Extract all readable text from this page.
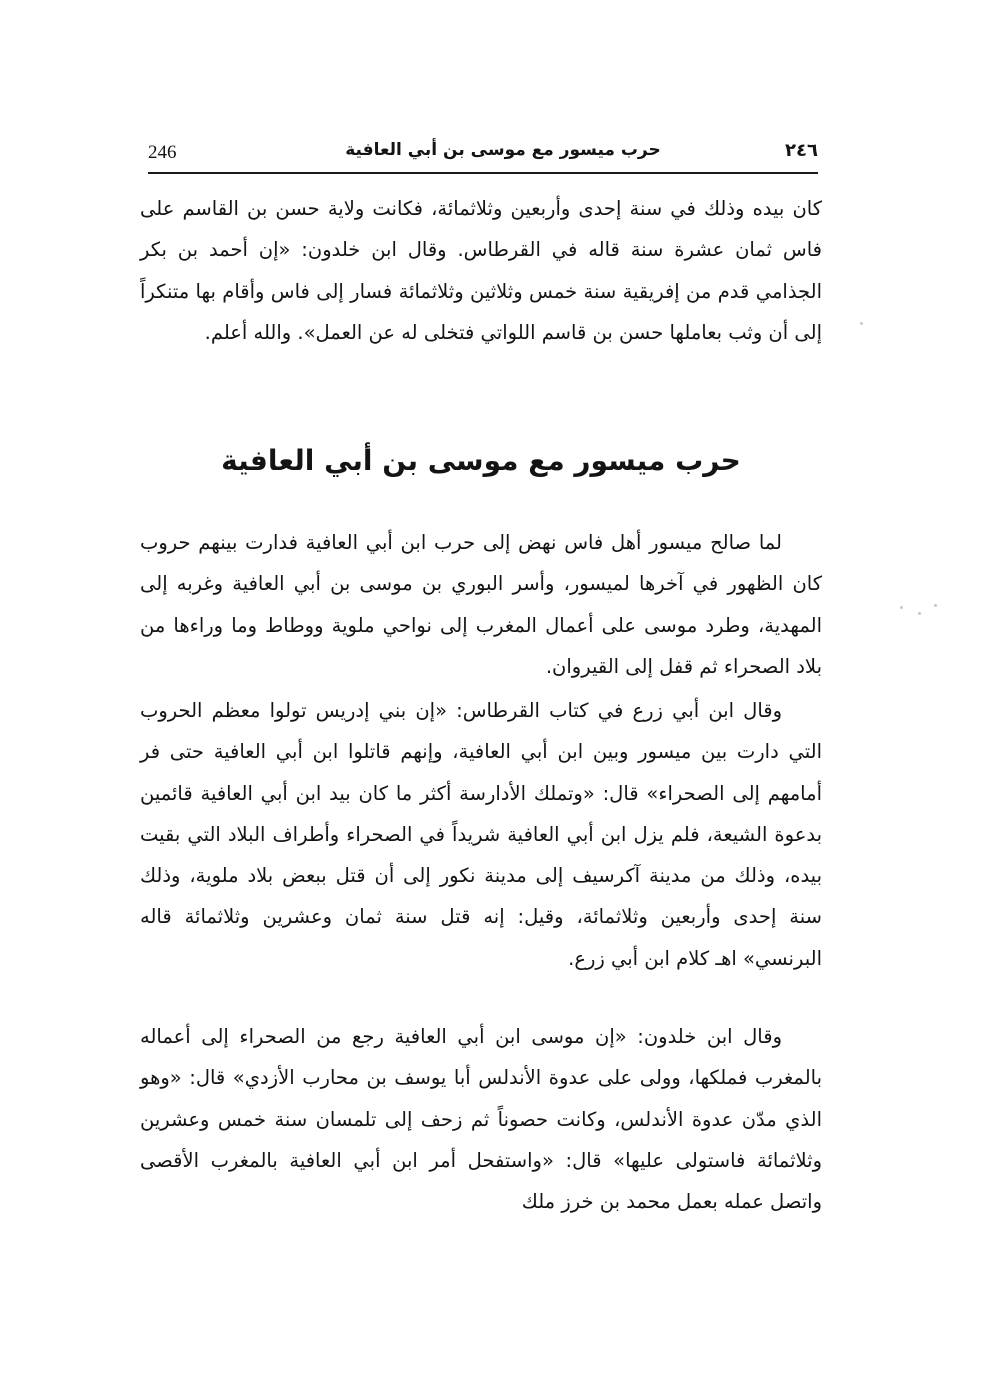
246	حرب ميسور مع موسى بن أبي العافية	٢٤٦

كان بيده وذلك في سنة إحدى وأربعين وثلاثمائة، فكانت ولاية حسن بن القاسم على فاس ثمان عشرة سنة قاله في القرطاس. وقال ابن خلدون: «إن أحمد بن بكر الجذامي قدم من إفريقية سنة خمس وثلاثين وثلاثمائة فسار إلى فاس وأقام بها متنكراً إلى أن وثب بعاملها حسن بن قاسم اللواتي فتخلى له عن العمل». والله أعلم.

حرب ميسور مع موسى بن أبي العافية

لما صالح ميسور أهل فاس نهض إلى حرب ابن أبي العافية فدارت بينهم حروب كان الظهور في آخرها لميسور، وأسر البوري بن موسى بن أبي العافية وغربه إلى المهدية، وطرد موسى على أعمال المغرب إلى نواحي ملوية ووطاط وما وراءها من بلاد الصحراء ثم قفل إلى القيروان.

وقال ابن أبي زرع في كتاب القرطاس: «إن بني إدريس تولوا معظم الحروب التي دارت بين ميسور وبين ابن أبي العافية، وإنهم قاتلوا ابن أبي العافية حتى فر أمامهم إلى الصحراء» قال: «وتملك الأدارسة أكثر ما كان بيد ابن أبي العافية قائمين بدعوة الشيعة، فلم يزل ابن أبي العافية شريداً في الصحراء وأطراف البلاد التي بقيت بيده، وذلك من مدينة آكرسيف إلى مدينة نكور إلى أن قتل ببعض بلاد ملوية، وذلك سنة إحدى وأربعين وثلاثمائة، وقيل: إنه قتل سنة ثمان وعشرين وثلاثمائة قاله البرنسي» اهـ كلام ابن أبي زرع.

وقال ابن خلدون: «إن موسى ابن أبي العافية رجع من الصحراء إلى أعماله بالمغرب فملكها، وولى على عدوة الأندلس أبا يوسف بن محارب الأزدي» قال: «وهو الذي مدّن عدوة الأندلس، وكانت حصوناً ثم زحف إلى تلمسان سنة خمس وعشرين وثلاثمائة فاستولى عليها» قال: «واستفحل أمر ابن أبي العافية بالمغرب الأقصى واتصل عمله بعمل محمد بن خرز ملك
